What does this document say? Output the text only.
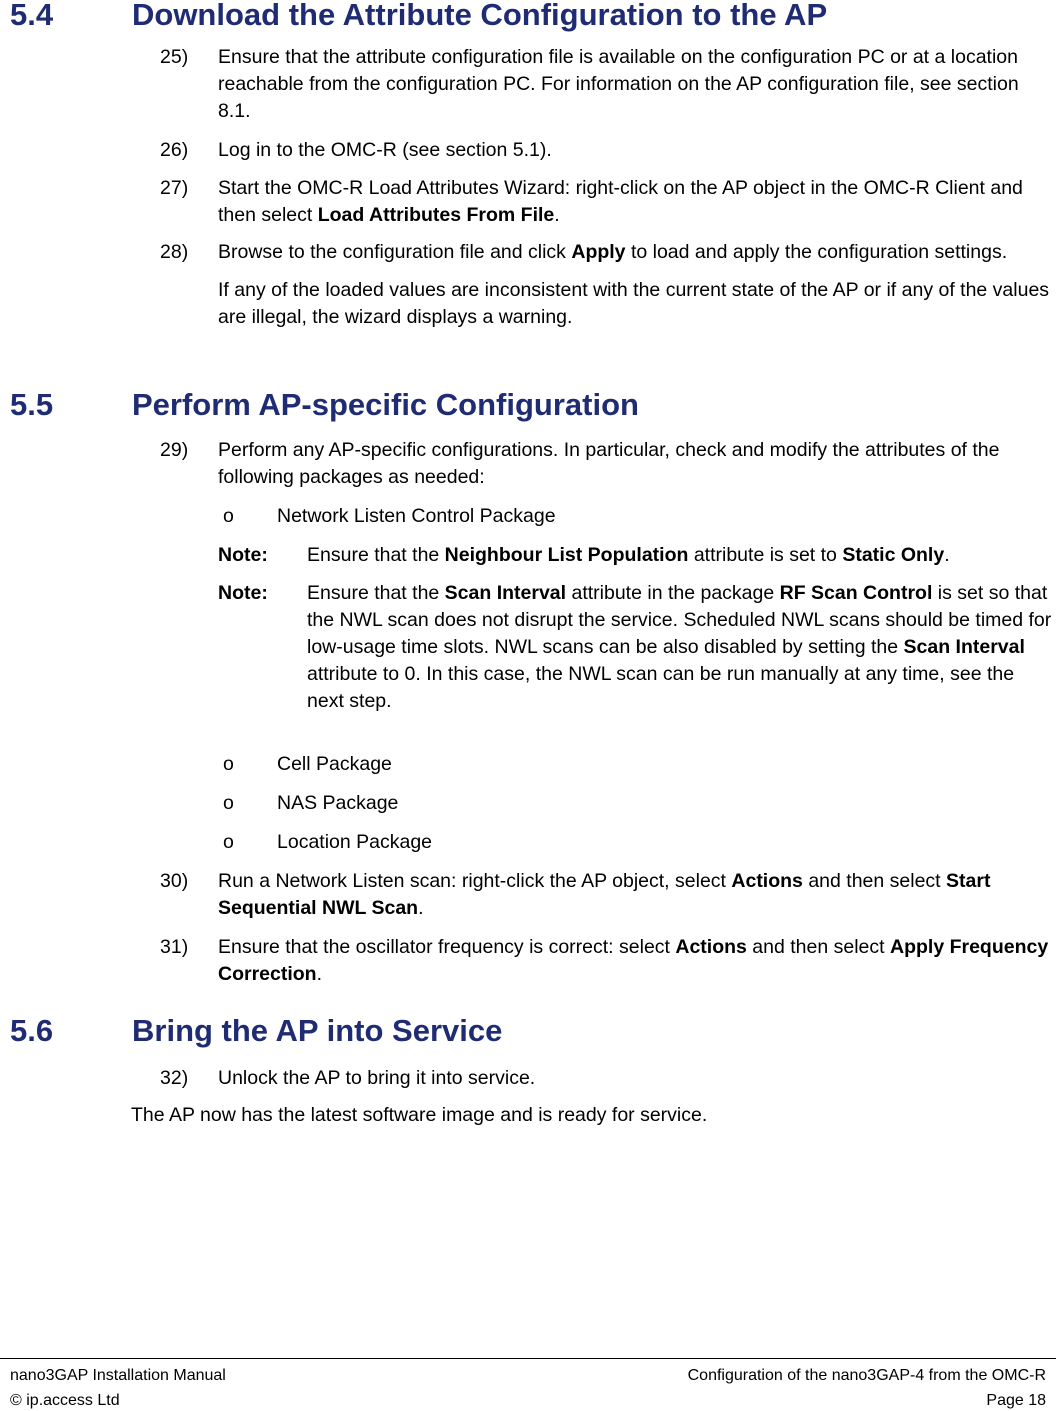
5.4	Download the Attribute Configuration to the AP
25) Ensure that the attribute configuration file is available on the configuration PC or at a location reachable from the configuration PC. For information on the AP configuration file, see section 8.1.

26) Log in to the OMC-R (see section 5.1).

27) Start the OMC-R Load Attributes Wizard: right-click on the AP object in the OMC-R Client and then select Load Attributes From File.

28) Browse to the configuration file and click Apply to load and apply the configuration settings.

If any of the loaded values are inconsistent with the current state of the AP or if any of the values are illegal, the wizard displays a warning.

5.5	Perform AP-specific Configuration
29) Perform any AP-specific configurations. In particular, check and modify the attributes of the following packages as needed:

o Network Listen Control Package
Note: Ensure that the Neighbour List Population attribute is set to Static Only.
Note: Ensure that the Scan Interval attribute in the package RF Scan Control is set so that the NWL scan does not disrupt the service. Scheduled NWL scans should be timed for low-usage time slots. NWL scans can be also disabled by setting the Scan Interval attribute to 0. In this case, the NWL scan can be run manually at any time, see the next step.
o Cell Package
o NAS Package
o Location Package
30) Run a Network Listen scan: right-click the AP object, select Actions and then select Start Sequential NWL Scan.

31) Ensure that the oscillator frequency is correct: select Actions and then select Apply Frequency Correction.

5.6	Bring the AP into Service
32) Unlock the AP to bring it into service.

The AP now has the latest software image and is ready for service.
nano3GAP Installation Manual
© ip.access Ltd
Configuration of the nano3GAP-4 from the OMC-R
Page 18
